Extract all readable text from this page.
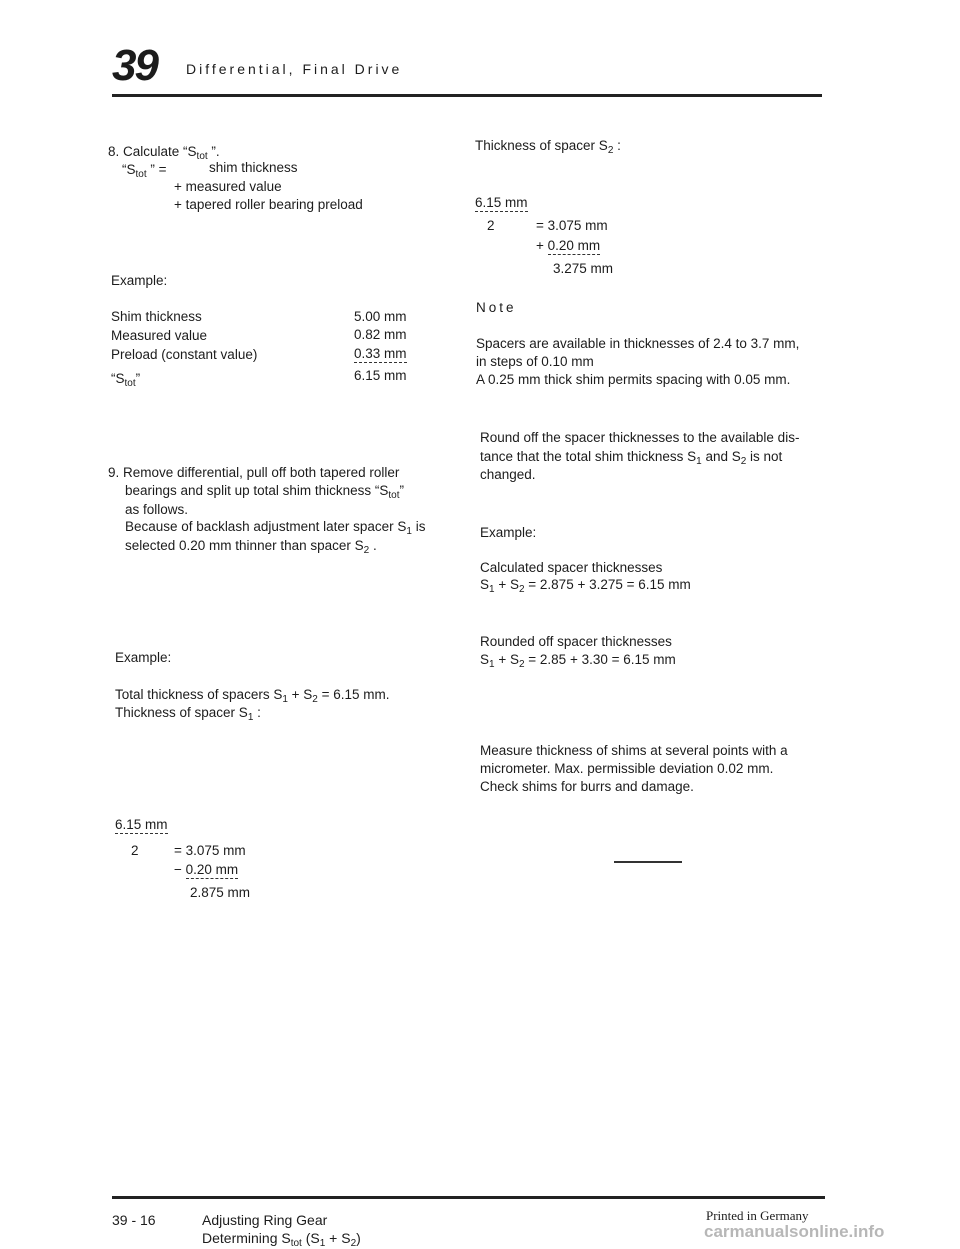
39 Differential, Final Drive
8. Calculate “$S_{tot}$ ”.
“$S_{tot}$ ” =	shim thickness
+ measured value
+ tapered roller bearing preload
Example:
Shim thickness	5.00 mm
Measured value	0.82 mm
Preload (constant value)	0.33 mm
“$S_{tot}$”	6.15 mm
9. Remove differential, pull off both tapered roller
bearings and split up total shim thickness “$S_{tot}$”
as follows.
Because of backlash adjustment later spacer $S_1$ is
selected 0.20 mm thinner than spacer $S_2$ .
Example:
Total thickness of spacers $S_1 + S_2 = 6.15$ mm.
Thickness of spacer $S_1$ :
6.15 mm
2	= 3.075 mm
− 0.20 mm
2.875 mm
Thickness of spacer $S_2$ :
6.15 mm
2	= 3.075 mm
+ 0.20 mm
3.275 mm
Note
Spacers are available in thicknesses of 2.4 to 3.7 mm,
in steps of 0.10 mm
A 0.25 mm thick shim permits spacing with 0.05 mm.
Round off the spacer thicknesses to the available dis-
tance that the total shim thickness $S_1$ and $S_2$ is not
changed.
Example:
Calculated spacer thicknesses
$S_1 + S_2 = 2.875 + 3.275 = 6.15$ mm
Rounded off spacer thicknesses
$S_1 + S_2 = 2.85 + 3.30 = 6.15$ mm
Measure thickness of shims at several points with a
micrometer. Max. permissible deviation 0.02 mm.
Check shims for burrs and damage.
39 - 16	Adjusting Ring Gear
Determining $S_{tot}$ $(S_1 + S_2)$
Printed in Germany
carmanualsonline.info
